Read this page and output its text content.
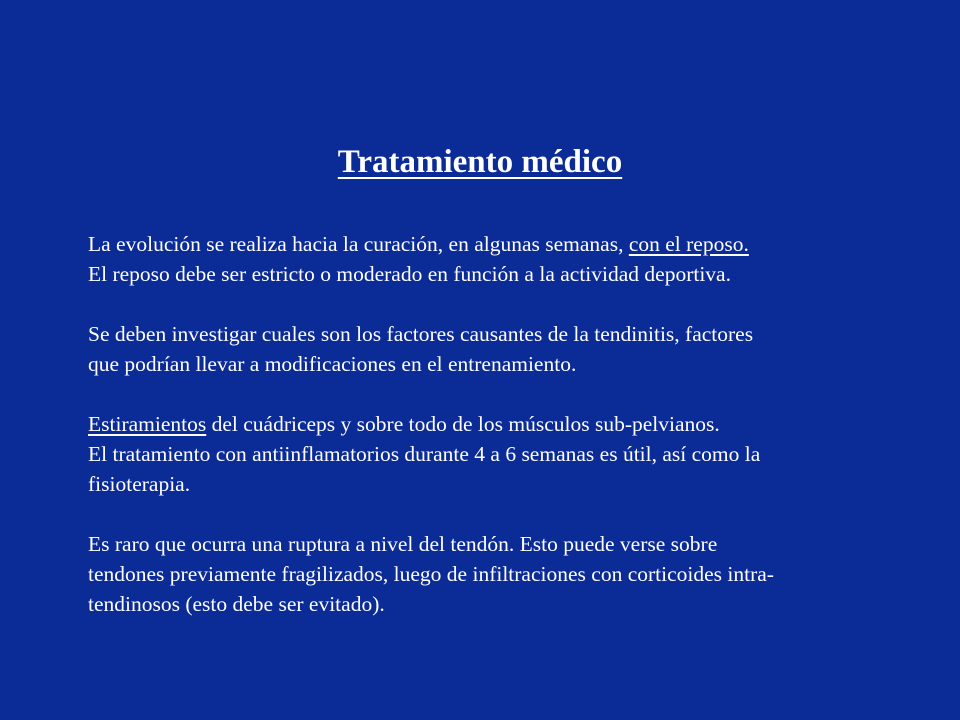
Tratamiento médico

La evolución se realiza hacia la curación, en algunas semanas, con el reposo.
El reposo debe ser estricto o moderado en función a la actividad deportiva.

Se deben investigar cuales son los factores causantes de la tendinitis, factores
que podrían llevar a modificaciones en el entrenamiento.

Estiramientos del cuádriceps y sobre todo de los músculos sub-pelvianos.
El tratamiento con antiinflamatorios durante 4 a 6 semanas es útil, así como la
fisioterapia.

Es raro que ocurra una ruptura a nivel del tendón. Esto puede verse sobre
tendones previamente fragilizados, luego de infiltraciones con corticoides intra-
tendinosos (esto debe ser evitado).
